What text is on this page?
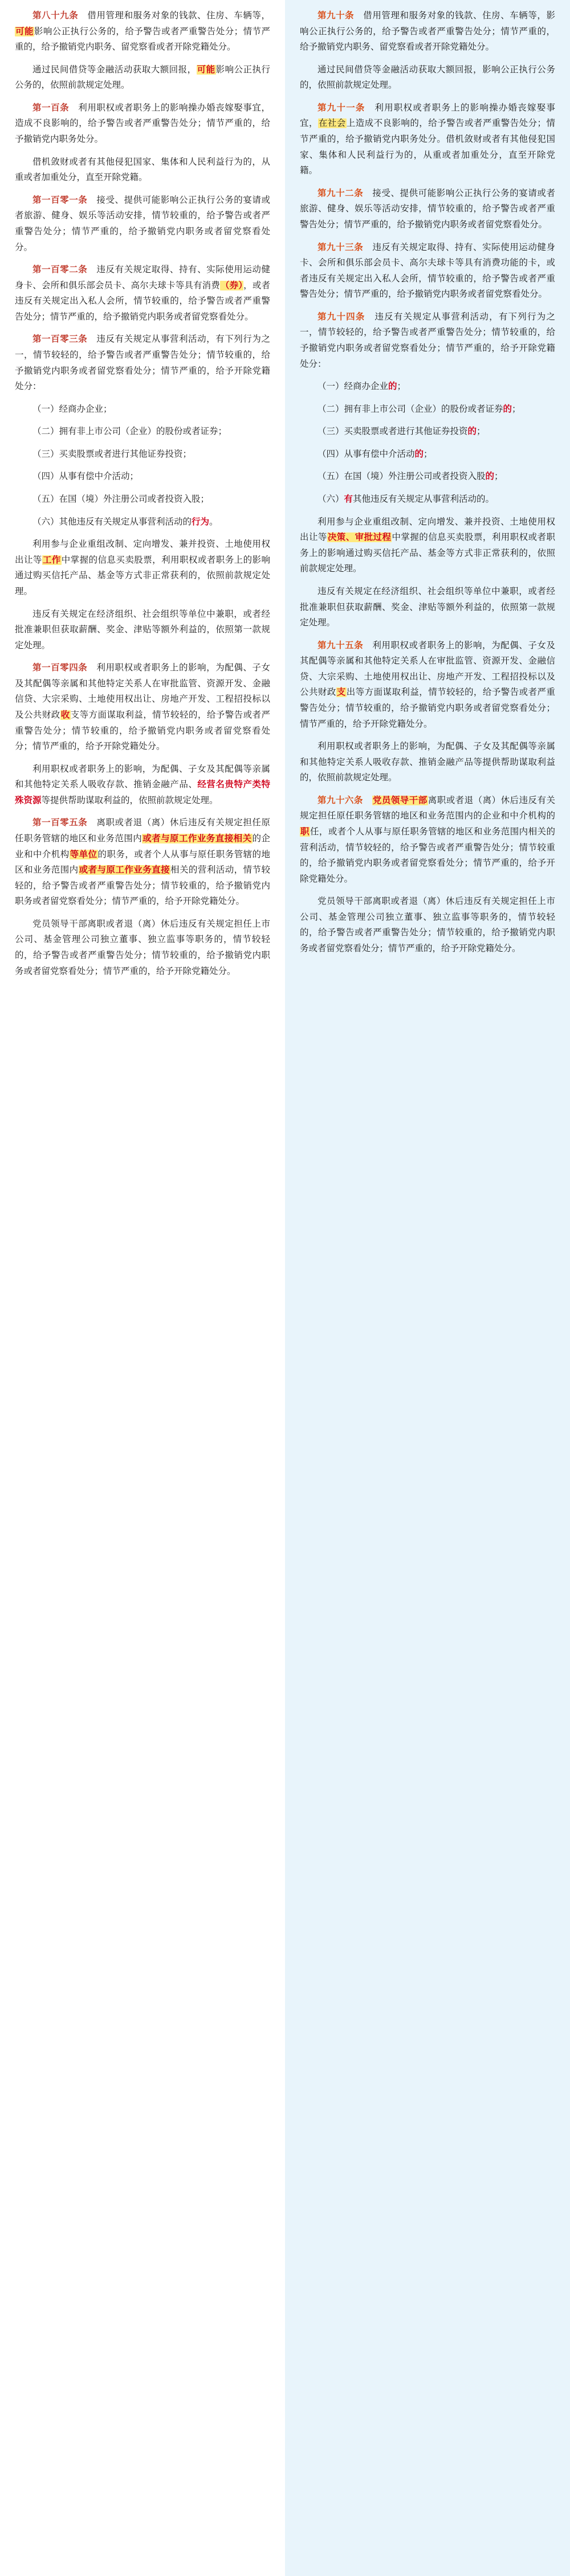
第八十九条　借用管理和服务对象的钱款、住房、车辆等，可能影响公正执行公务的，给予警告或者严重警告处分；情节严重的，给予撤销党内职务、留党察看或者开除党籍处分。

通过民间借贷等金融活动获取大额回报，可能影响公正执行公务的，依照前款规定处理。

第一百条　利用职权或者职务上的影响操办婚丧嫁娶事宜，造成不良影响的，给予警告或者严重警告处分；情节严重的，给予撤销党内职务处分。

借机敛财或者有其他侵犯国家、集体和人民利益行为的，从重或者加重处分，直至开除党籍。

第一百零一条　接受、提供可能影响公正执行公务的宴请或者旅游、健身、娱乐等活动安排，情节较重的，给予警告或者严重警告处分；情节严重的，给予撤销党内职务或者留党察看处分。

第一百零二条　违反有关规定取得、持有、实际使用运动健身卡、会所和俱乐部会员卡、高尔夫球卡等具有消费（券），或者违反有关规定出入私人会所，情节较重的，给予警告或者严重警告处分；情节严重的，给予撤销党内职务或者留党察看处分。

第一百零三条　违反有关规定从事营利活动，有下列行为之一，情节较轻的，给予警告或者严重警告处分；情节较重的，给予撤销党内职务或者留党察看处分；情节严重的，给予开除党籍处分：

（一）经商办企业；

（二）拥有非上市公司（企业）的股份或者证券；

（三）买卖股票或者进行其他证券投资；

（四）从事有偿中介活动；

（五）在国（境）外注册公司或者投资入股；

（六）其他违反有关规定从事营利活动的行为。

利用参与企业重组改制、定向增发、兼并投资、土地使用权出让等工作中掌握的信息买卖股票，利用职权或者职务上的影响通过购买信托产品、基金等方式非正常获利的，依照前款规定处理。

违反有关规定在经济组织、社会组织等单位中兼职，或者经批准兼职但获取薪酬、奖金、津贴等额外利益的，依照第一款规定处理。

第一百零四条　利用职权或者职务上的影响，为配偶、子女及其配偶等亲属和其他特定关系人在审批监管、资源开发、金融信贷、大宗采购、土地使用权出让、房地产开发、工程招投标以及公共财政收支等方面谋取利益，情节较轻的，给予警告或者严重警告处分；情节较重的，给予撤销党内职务或者留党察看处分；情节严重的，给予开除党籍处分。

利用职权或者职务上的影响，为配偶、子女及其配偶等亲属和其他特定关系人吸收存款、推销金融产品、经营名贵特产类特殊资源等提供帮助谋取利益的，依照前款规定处理。

第一百零五条　离职或者退（离）休后违反有关规定担任原任职务管辖的地区和业务范围内或者与原工作业务直接相关的企业和中介机构等单位的职务，或者个人从事与原任职务管辖的地区和业务范围内或者与原工作业务直接相关的营利活动，情节较轻的，给予警告或者严重警告处分；情节较重的，给予撤销党内职务或者留党察看处分；情节严重的，给予开除党籍处分。

党员领导干部离职或者退（离）休后违反有关规定担任上市公司、基金管理公司独立董事、独立监事等职务的，情节较轻的，给予警告或者严重警告处分；情节较重的，给予撤销党内职务或者留党察看处分；情节严重的，给予开除党籍处分。

第九十条　借用管理和服务对象的钱款、住房、车辆等，影响公正执行公务的，给予警告或者严重警告处分；情节严重的，给予撤销党内职务、留党察看或者开除党籍处分。

通过民间借贷等金融活动获取大额回报，影响公正执行公务的，依照前款规定处理。

第九十一条　利用职权或者职务上的影响操办婚丧嫁娶事宜，在社会上造成不良影响的，给予警告或者严重警告处分；情节严重的，给予撤销党内职务处分。借机敛财或者有其他侵犯国家、集体和人民利益行为的，从重或者加重处分，直至开除党籍。

第九十二条　接受、提供可能影响公正执行公务的宴请或者旅游、健身、娱乐等活动安排，情节较重的，给予警告或者严重警告处分；情节严重的，给予撤销党内职务或者留党察看处分。

第九十三条　违反有关规定取得、持有、实际使用运动健身卡、会所和俱乐部会员卡、高尔夫球卡等具有消费功能的卡，或者违反有关规定出入私人会所，情节较重的，给予警告或者严重警告处分；情节严重的，给予撤销党内职务或者留党察看处分。

第九十四条　违反有关规定从事营利活动，有下列行为之一，情节较轻的，给予警告或者严重警告处分；情节较重的，给予撤销党内职务或者留党察看处分；情节严重的，给予开除党籍处分：

（一）经商办企业的；

（二）拥有非上市公司（企业）的股份或者证券的；

（三）买卖股票或者进行其他证券投资的；

（四）从事有偿中介活动的；

（五）在国（境）外注册公司或者投资入股的；

（六）有其他违反有关规定从事营利活动的。

利用参与企业重组改制、定向增发、兼并投资、土地使用权出让等决策、审批过程中掌握的信息买卖股票，利用职权或者职务上的影响通过购买信托产品、基金等方式非正常获利的，依照前款规定处理。

违反有关规定在经济组织、社会组织等单位中兼职，或者经批准兼职但获取薪酬、奖金、津贴等额外利益的，依照第一款规定处理。

第九十五条　利用职权或者职务上的影响，为配偶、子女及其配偶等亲属和其他特定关系人在审批监管、资源开发、金融信贷、大宗采购、土地使用权出让、房地产开发、工程招投标以及公共财政支出等方面谋取利益，情节较轻的，给予警告或者严重警告处分；情节较重的，给予撤销党内职务或者留党察看处分；情节严重的，给予开除党籍处分。

利用职权或者职务上的影响，为配偶、子女及其配偶等亲属和其他特定关系人吸收存款、推销金融产品等提供帮助谋取利益的，依照前款规定处理。

第九十六条　 党员领导干部离职或者退（离）休后违反有关规定担任原任职务管辖的地区和业务范围内的企业和中介机构的职任，或者个人从事与原任职务管辖的地区和业务范围内相关的营利活动，情节较轻的，给予警告或者严重警告处分；情节较重的，给予撤销党内职务或者留党察看处分；情节严重的，给予开除党籍处分。

党员领导干部离职或者退（离）休后违反有关规定担任上市公司、基金管理公司独立董事、独立监事等职务的，情节较轻的，给予警告或者严重警告处分；情节较重的，给予撤销党内职务或者留党察看处分；情节严重的，给予开除党籍处分。
